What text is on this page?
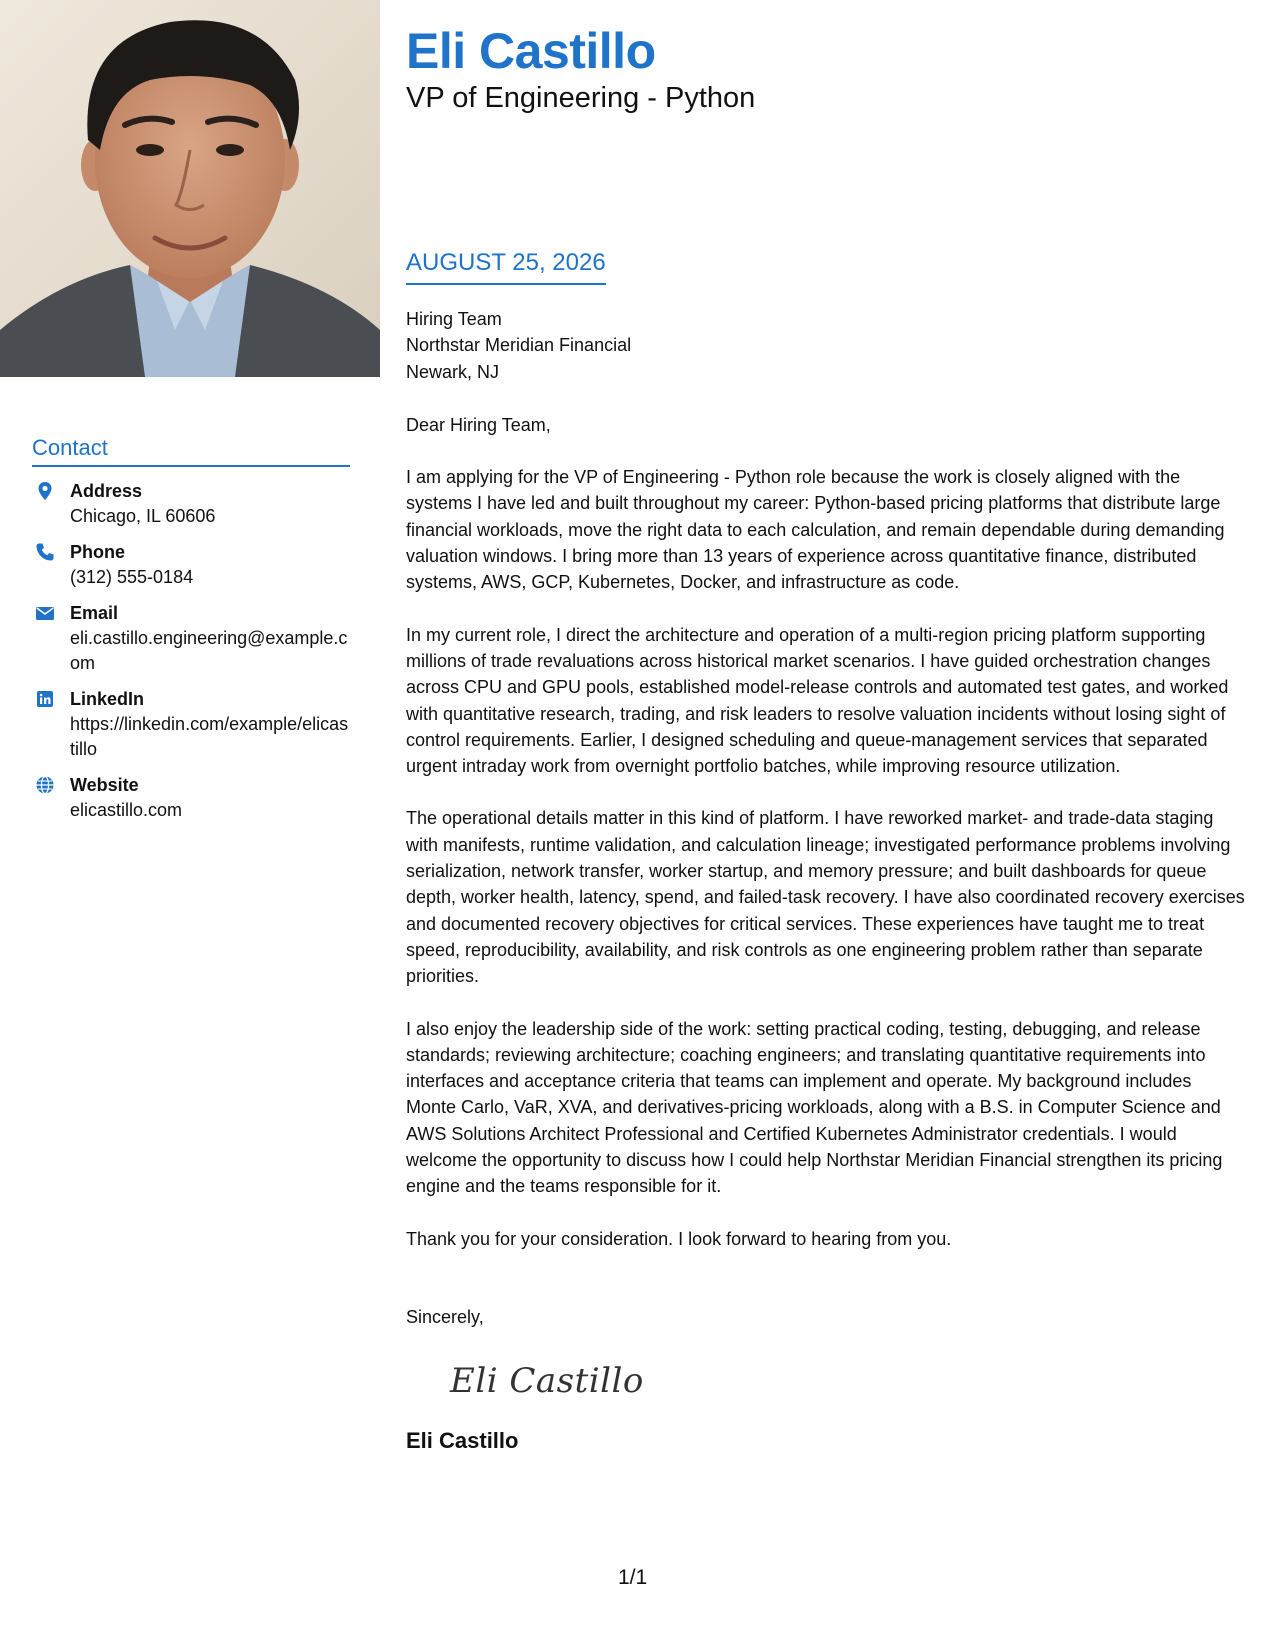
Contact
Address
Chicago, IL 60606
Phone
(312) 555-0184
Email
eli.castillo.engineering@example.com
LinkedIn
https://linkedin.com/example/elicastillo
Website
elicastillo.com
Eli Castillo
VP of Engineering - Python
AUGUST 25, 2026
Hiring Team
Northstar Meridian Financial
Newark, NJ
Dear Hiring Team,
I am applying for the VP of Engineering - Python role because the work is closely aligned with the systems I have led and built throughout my career: Python-based pricing platforms that distribute large financial workloads, move the right data to each calculation, and remain dependable during demanding valuation windows. I bring more than 13 years of experience across quantitative finance, distributed systems, AWS, GCP, Kubernetes, Docker, and infrastructure as code.
In my current role, I direct the architecture and operation of a multi-region pricing platform supporting millions of trade revaluations across historical market scenarios. I have guided orchestration changes across CPU and GPU pools, established model-release controls and automated test gates, and worked with quantitative research, trading, and risk leaders to resolve valuation incidents without losing sight of control requirements. Earlier, I designed scheduling and queue-management services that separated urgent intraday work from overnight portfolio batches, while improving resource utilization.
The operational details matter in this kind of platform. I have reworked market- and trade-data staging with manifests, runtime validation, and calculation lineage; investigated performance problems involving serialization, network transfer, worker startup, and memory pressure; and built dashboards for queue depth, worker health, latency, spend, and failed-task recovery. I have also coordinated recovery exercises and documented recovery objectives for critical services. These experiences have taught me to treat speed, reproducibility, availability, and risk controls as one engineering problem rather than separate priorities.
I also enjoy the leadership side of the work: setting practical coding, testing, debugging, and release standards; reviewing architecture; coaching engineers; and translating quantitative requirements into interfaces and acceptance criteria that teams can implement and operate. My background includes Monte Carlo, VaR, XVA, and derivatives-pricing workloads, along with a B.S. in Computer Science and AWS Solutions Architect Professional and Certified Kubernetes Administrator credentials. I would welcome the opportunity to discuss how I could help Northstar Meridian Financial strengthen its pricing engine and the teams responsible for it.
Thank you for your consideration. I look forward to hearing from you.
Sincerely,
Eli Castillo
Eli Castillo
1/1
